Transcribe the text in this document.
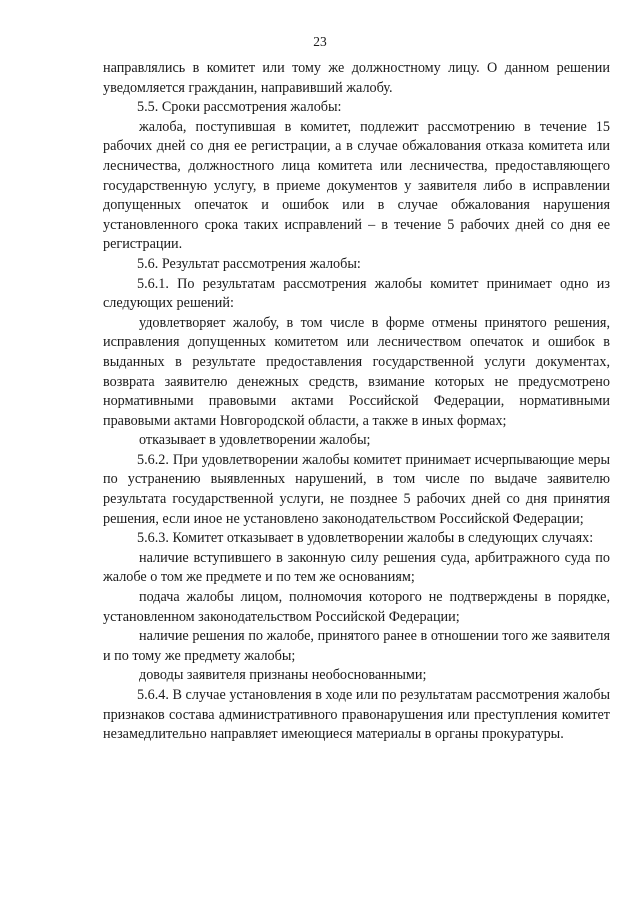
23

направлялись в комитет или тому же должностному лицу. О данном решении уведомляется гражданин, направивший жалобу.

5.5. Сроки рассмотрения жалобы:

жалоба, поступившая в комитет, подлежит рассмотрению в течение 15 рабочих дней со дня ее регистрации, а в случае обжалования отказа комитета или лесничества, должностного лица комитета или лесничества, предоставляющего государственную услугу, в приеме документов у заявителя либо в исправлении допущенных опечаток и ошибок или в случае обжалования нарушения установленного срока таких исправлений – в течение 5 рабочих дней со дня ее регистрации.

5.6. Результат рассмотрения жалобы:

5.6.1. По результатам рассмотрения жалобы комитет принимает одно из следующих решений:

удовлетворяет жалобу, в том числе в форме отмены принятого решения, исправления допущенных комитетом или лесничеством опечаток и ошибок в выданных в результате предоставления государственной услуги документах, возврата заявителю денежных средств, взимание которых не предусмотрено нормативными правовыми актами Российской Федерации, нормативными правовыми актами Новгородской области, а также в иных формах;

отказывает в удовлетворении жалобы;

5.6.2. При удовлетворении жалобы комитет принимает исчерпывающие меры по устранению выявленных нарушений, в том числе по выдаче заявителю результата государственной услуги, не позднее 5 рабочих дней со дня принятия решения, если иное не установлено законодательством Российской Федерации;

5.6.3. Комитет отказывает в удовлетворении жалобы в следующих случаях:

наличие вступившего в законную силу решения суда, арбитражного суда по жалобе о том же предмете и по тем же основаниям;

подача жалобы лицом, полномочия которого не подтверждены в порядке, установленном законодательством Российской Федерации;

наличие решения по жалобе, принятого ранее в отношении того же заявителя и по тому же предмету жалобы;

доводы заявителя признаны необоснованными;

5.6.4. В случае установления в ходе или по результатам рассмотрения жалобы признаков состава административного правонарушения или преступления комитет незамедлительно направляет имеющиеся материалы в органы прокуратуры.
